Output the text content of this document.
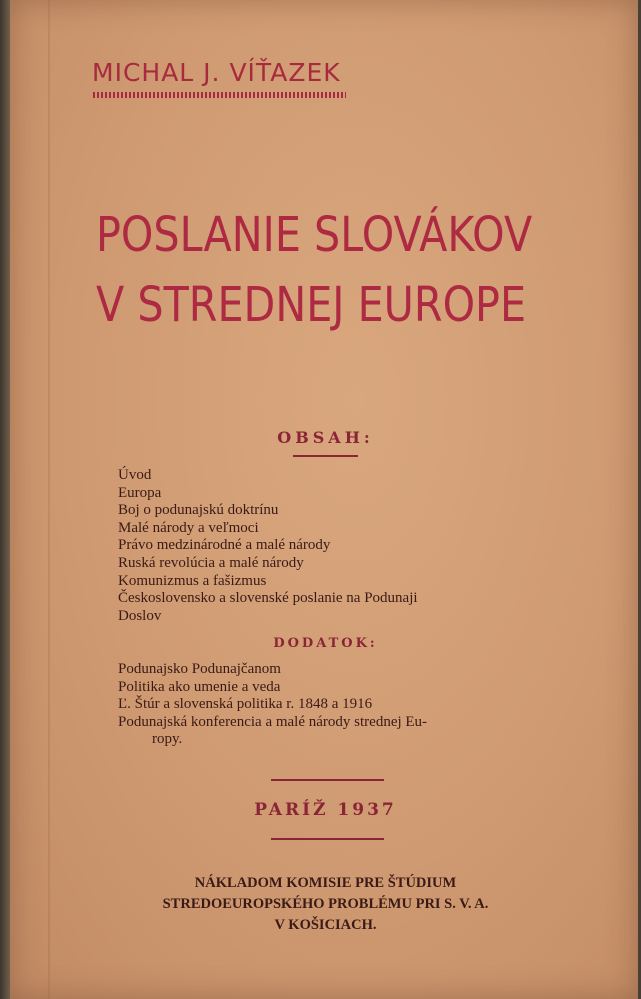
MICHAL J. VÍŤAZEK
POSLANIE SLOVÁKOV
V STREDNEJ EUROPE
OBSAH:
Úvod
Europa
Boj o podunajskú doktrínu
Malé národy a veľmoci
Právo medzinárodné a malé národy
Ruská revolúcia a malé národy
Komunizmus a fašizmus
Československo a slovenské poslanie na Podunaji
Doslov
DODATOK:
Podunajsko Podunajčanom
Politika ako umenie a veda
Ľ. Štúr a slovenská politika r. 1848 a 1916
Podunajská konferencia a malé národy strednej Eu-
ropy.
PARÍŽ 1937
NÁKLADOM KOMISIE PRE ŠTÚDIUM
STREDOEUROPSKÉHO PROBLÉMU PRI S. V. A.
V KOŠICIACH.
